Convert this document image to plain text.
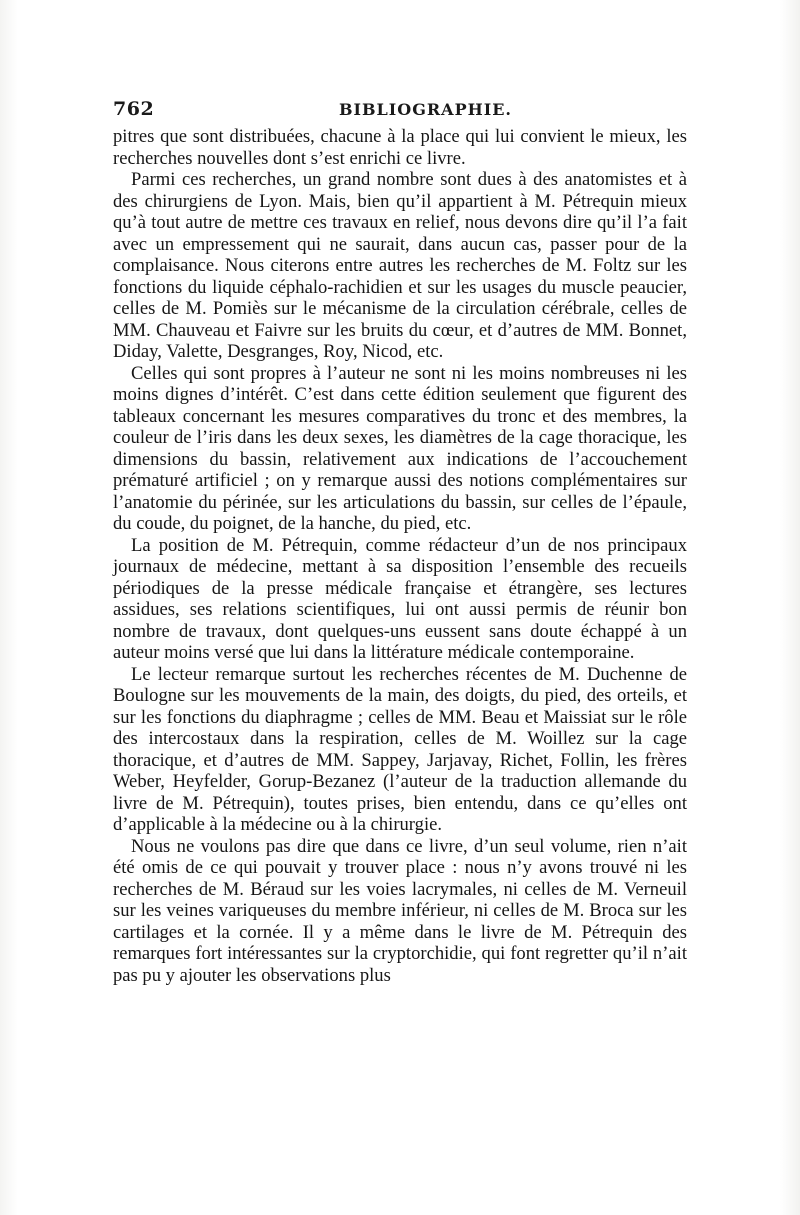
762	BIBLIOGRAPHIE.

pitres que sont distribuées, chacune à la place qui lui convient le mieux, les recherches nouvelles dont s’est enrichi ce livre.

Parmi ces recherches, un grand nombre sont dues à des anatomistes et à des chirurgiens de Lyon. Mais, bien qu’il appartient à M. Pétrequin mieux qu’à tout autre de mettre ces travaux en relief, nous devons dire qu’il l’a fait avec un empressement qui ne saurait, dans aucun cas, passer pour de la complaisance. Nous citerons entre autres les recherches de M. Foltz sur les fonctions du liquide céphalo-rachidien et sur les usages du muscle peaucier, celles de M. Pomiès sur le mécanisme de la circulation cérébrale, celles de MM. Chauveau et Faivre sur les bruits du cœur, et d’autres de MM. Bonnet, Diday, Valette, Desgranges, Roy, Nicod, etc.

Celles qui sont propres à l’auteur ne sont ni les moins nombreuses ni les moins dignes d’intérêt. C’est dans cette édition seulement que figurent des tableaux concernant les mesures comparatives du tronc et des membres, la couleur de l’iris dans les deux sexes, les diamètres de la cage thoracique, les dimensions du bassin, relativement aux indications de l’accouchement prématuré artificiel ; on y remarque aussi des notions complémentaires sur l’anatomie du périnée, sur les articulations du bassin, sur celles de l’épaule, du coude, du poignet, de la hanche, du pied, etc.

La position de M. Pétrequin, comme rédacteur d’un de nos principaux journaux de médecine, mettant à sa disposition l’ensemble des recueils périodiques de la presse médicale française et étrangère, ses lectures assidues, ses relations scientifiques, lui ont aussi permis de réunir bon nombre de travaux, dont quelques-uns eussent sans doute échappé à un auteur moins versé que lui dans la littérature médicale contemporaine.

Le lecteur remarque surtout les recherches récentes de M. Duchenne de Boulogne sur les mouvements de la main, des doigts, du pied, des orteils, et sur les fonctions du diaphragme ; celles de MM. Beau et Maissiat sur le rôle des intercostaux dans la respiration, celles de M. Woillez sur la cage thoracique, et d’autres de MM. Sappey, Jarjavay, Richet, Follin, les frères Weber, Heyfelder, Gorup-Bezanez (l’auteur de la traduction allemande du livre de M. Pétrequin), toutes prises, bien entendu, dans ce qu’elles ont d’applicable à la médecine ou à la chirurgie.

Nous ne voulons pas dire que dans ce livre, d’un seul volume, rien n’ait été omis de ce qui pouvait y trouver place : nous n’y avons trouvé ni les recherches de M. Béraud sur les voies lacrymales, ni celles de M. Verneuil sur les veines variqueuses du membre inférieur, ni celles de M. Broca sur les cartilages et la cornée. Il y a même dans le livre de M. Pétrequin des remarques fort intéressantes sur la cryptorchidie, qui font regretter qu’il n’ait pas pu y ajouter les observations plus
